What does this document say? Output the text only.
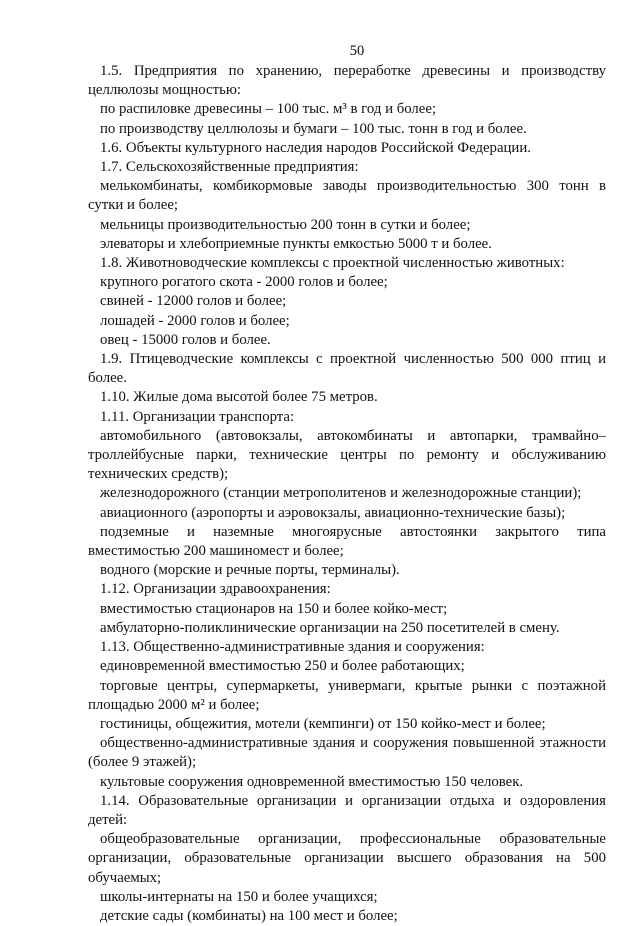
50
1.5. Предприятия по хранению, переработке древесины и производству
целлюлозы мощностью:
по распиловке древесины – 100 тыс. м³ в год и более;
по производству целлюлозы и бумаги – 100 тыс. тонн в год и более.
1.6. Объекты культурного наследия народов Российской Федерации.
1.7. Сельскохозяйственные предприятия:
мелькомбинаты, комбикормовые заводы производительностью 300 тонн в
сутки и более;
мельницы производительностью 200 тонн в сутки и более;
элеваторы и хлебоприемные пункты емкостью 5000 т и более.
1.8. Животноводческие комплексы с проектной численностью животных:
крупного рогатого скота - 2000 голов и более;
свиней - 12000 голов и более;
лошадей - 2000 голов и более;
овец - 15000 голов и более.
1.9. Птицеводческие комплексы с проектной численностью 500 000 птиц и
более.
1.10. Жилые дома высотой более 75 метров.
1.11. Организации транспорта:
автомобильного (автовокзалы, автокомбинаты и автопарки, трамвайно–
троллейбусные парки, технические центры по ремонту и обслуживанию
технических средств);
железнодорожного (станции метрополитенов и железнодорожные станции);
авиационного (аэропорты и аэровокзалы, авиационно-технические базы);
подземные и наземные многоярусные автостоянки закрытого типа
вместимостью 200 машиномест и более;
водного (морские и речные порты, терминалы).
1.12. Организации здравоохранения:
вместимостью стационаров на 150 и более койко-мест;
амбулаторно-поликлинические организации на 250 посетителей в смену.
1.13. Общественно-административные здания и сооружения:
единовременной вместимостью 250 и более работающих;
торговые центры, супермаркеты, универмаги, крытые рынки с поэтажной
площадью 2000 м² и более;
гостиницы, общежития, мотели (кемпинги) от 150 койко-мест и более;
общественно-административные здания и сооружения повышенной этажности
(более 9 этажей);
культовые сооружения одновременной вместимостью 150 человек.
1.14. Образовательные организации и организации отдыха и оздоровления
детей:
общеобразовательные организации, профессиональные образовательные
организации, образовательные организации высшего образования на 500
обучаемых;
школы-интернаты на 150 и более учащихся;
детские сады (комбинаты) на 100 мест и более;
